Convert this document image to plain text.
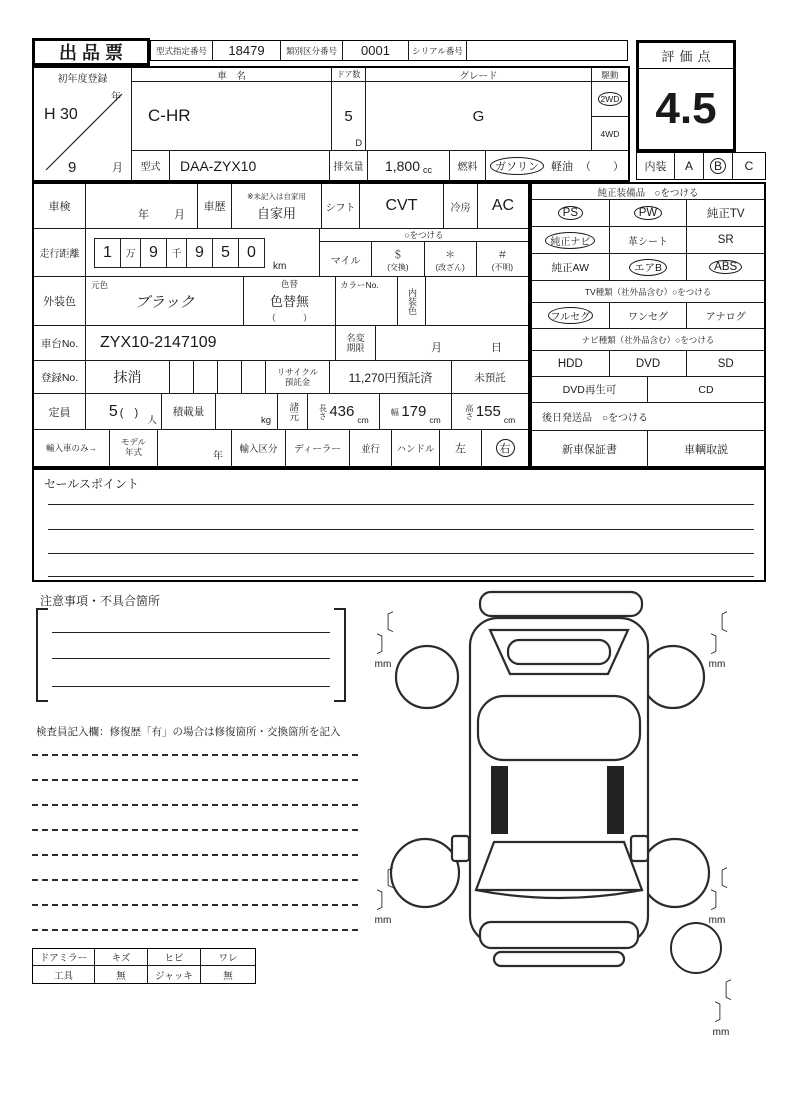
出 品 票	型式指定番号	18479	類別区分番号	0001	シリアル番号	評価点
4.5
内装	A	B	C
初年度登録
年
H 30
9	月
車　名
C-HR
ドア数
5
D
グレード
G
駆動
2WD
4WD
型式	DAA-ZYX10	排気量	1,800 cc	燃料	ガソリン	軽油 （　　）
車検
年 月
車歴
※未記入は自家用
自家用	シフト	CVT	冷房	AC
走行距離	1	万 9	千 9	5	0
km
○をつける
マイル
＄
(交換)
＊
(改ざん)
＃
(不明)
外装色
元色
ブラック
色替
色替無
（　　　）
カラーNo.
内装色
車台No.	ZYX10-2147109	名変期限	月	日
登録No.	抹消	リサイクル預託金	11,270円預託済	未預託
定員	5 (　)
人
積載量
kg 諸元	長さ 436 cm
幅 179 cm
高さ 155 cm
輸入車のみ→
モデル年式	年
輸入区分	ディーラー	並行	ハンドル	左	右
純正装備品　○をつける
PS	PW	純正TV
純正ナビ	革シート	SR
純正AW	エアB	ABS
TV種類（社外品含む）○をつける
フルセグ	ワンセグ	アナログ
ナビ種類（社外品含む）○をつける
HDD	DVD	SD
DVD再生可	CD
後日発送品　○をつける
新車保証書	車輌取説
セールスポイント
注意事項・不具合箇所
検査員記入欄：修復歴「有」の場合は修復箇所・交換箇所を記入
ドアミラー	キズ	ヒビ	ワレ
工具	無	ジャッキ	無
〔〕
mm
〔〕
mm
〔〕
mm
〔〕
mm
〔〕
mm
